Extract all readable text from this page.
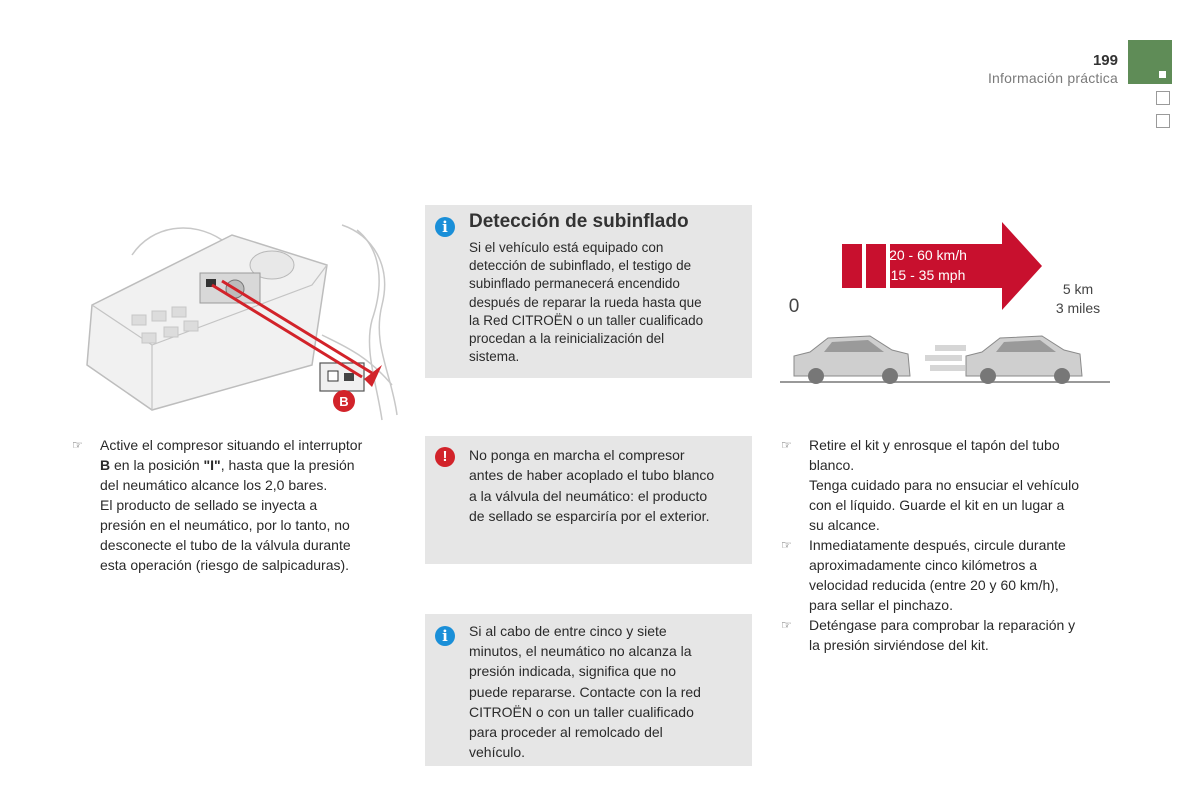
199
Información práctica
B
20 - 60 km/h
15 - 35 mph
0
5 km
3 miles
i
Detección de subinflado
Si el vehículo está equipado con
detección de subinflado, el testigo de
subinflado permanecerá encendido
después de reparar la rueda hasta que
la Red CITROËN o un taller cualificado
procedan a la reinicialización del
sistema.
!
No ponga en marcha el compresor
antes de haber acoplado el tubo blanco
a la válvula del neumático: el producto
de sellado se esparciría por el exterior.
i
Si al cabo de entre cinco y siete
minutos, el neumático no alcanza la
presión indicada, significa que no
puede repararse. Contacte con la red
CITROËN o con un taller cualificado
para proceder al remolcado del
vehículo.
☞ Active el compresor situando el interruptor
B en la posición "I", hasta que la presión
del neumático alcance los 2,0 bares.
El producto de sellado se inyecta a
presión en el neumático, por lo tanto, no
desconecte el tubo de la válvula durante
esta operación (riesgo de salpicaduras).
☞ Retire el kit y enrosque el tapón del tubo
blanco.
Tenga cuidado para no ensuciar el vehículo
con el líquido. Guarde el kit en un lugar a
su alcance.
☞ Inmediatamente después, circule durante
aproximadamente cinco kilómetros a
velocidad reducida (entre 20 y 60 km/h),
para sellar el pinchazo.
☞ Deténgase para comprobar la reparación y
la presión sirviéndose del kit.
